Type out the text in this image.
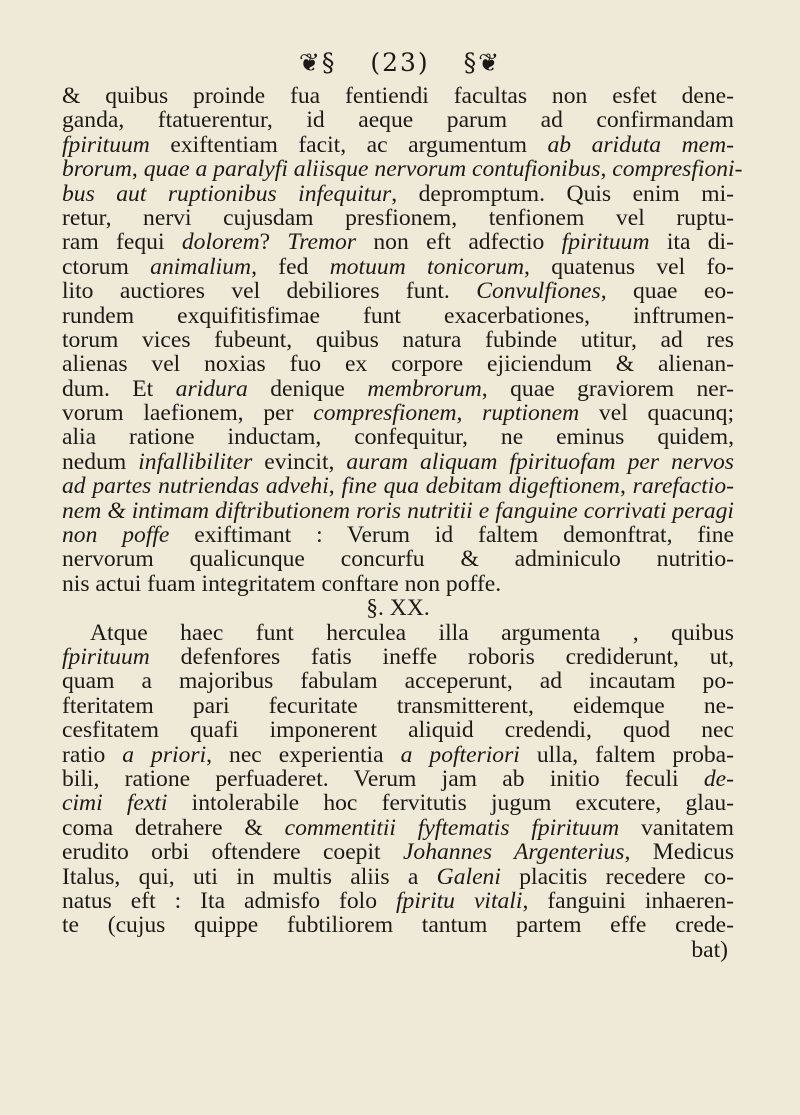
❦§ (23) §❦
& quibus proinde fua fentiendi facultas non esfet dene-
ganda, ftatuerentur, id aeque parum ad confirmandam
fpirituum exiftentiam facit, ac argumentum ab ariduta mem-
brorum, quae a paralyfi aliisque nervorum contufionibus, compresfioni-
bus aut ruptionibus infequitur, depromptum. Quis enim mi-
retur, nervi cujusdam presfionem, tenfionem vel ruptu-
ram fequi dolorem? Tremor non eft adfectio fpirituum ita di-
ctorum animalium, fed motuum tonicorum, quatenus vel fo-
lito auctiores vel debiliores funt. Convulfiones, quae eo-
rundem exquifitisfimae funt exacerbationes, inftrumen-
torum vices fubeunt, quibus natura fubinde utitur, ad res
alienas vel noxias fuo ex corpore ejiciendum & alienan-
dum. Et aridura denique membrorum, quae graviorem ner-
vorum laefionem, per compresfionem, ruptionem vel quacunq;
alia ratione inductam, confequitur, ne eminus quidem,
nedum infallibiliter evincit, auram aliquam fpirituofam per nervos
ad partes nutriendas advehi, fine qua debitam digeftionem, rarefactio-
nem & intimam diftributionem roris nutritii e fanguine corrivati peragi
non poffe exiftimant : Verum id faltem demonftrat, fine
nervorum qualicunque concurfu & adminiculo nutritio-
nis actui fuam integritatem conftare non poffe.
§. XX.
Atque haec funt herculea illa argumenta , quibus
fpirituum defenfores fatis ineffe roboris crediderunt, ut,
quam a majoribus fabulam acceperunt, ad incautam po-
fteritatem pari fecuritate transmitterent, eidemque ne-
cesfitatem quafi imponerent aliquid credendi, quod nec
ratio a priori, nec experientia a pofteriori ulla, faltem proba-
bili, ratione perfuaderet. Verum jam ab initio feculi de-
cimi fexti intolerabile hoc fervitutis jugum excutere, glau-
coma detrahere & commentitii fyftematis fpirituum vanitatem
erudito orbi oftendere coepit Johannes Argenterius, Medicus
Italus, qui, uti in multis aliis a Galeni placitis recedere co-
natus eft : Ita admisfo folo fpiritu vitali, fanguini inhaeren-
te (cujus quippe fubtiliorem tantum partem effe crede-
bat)
